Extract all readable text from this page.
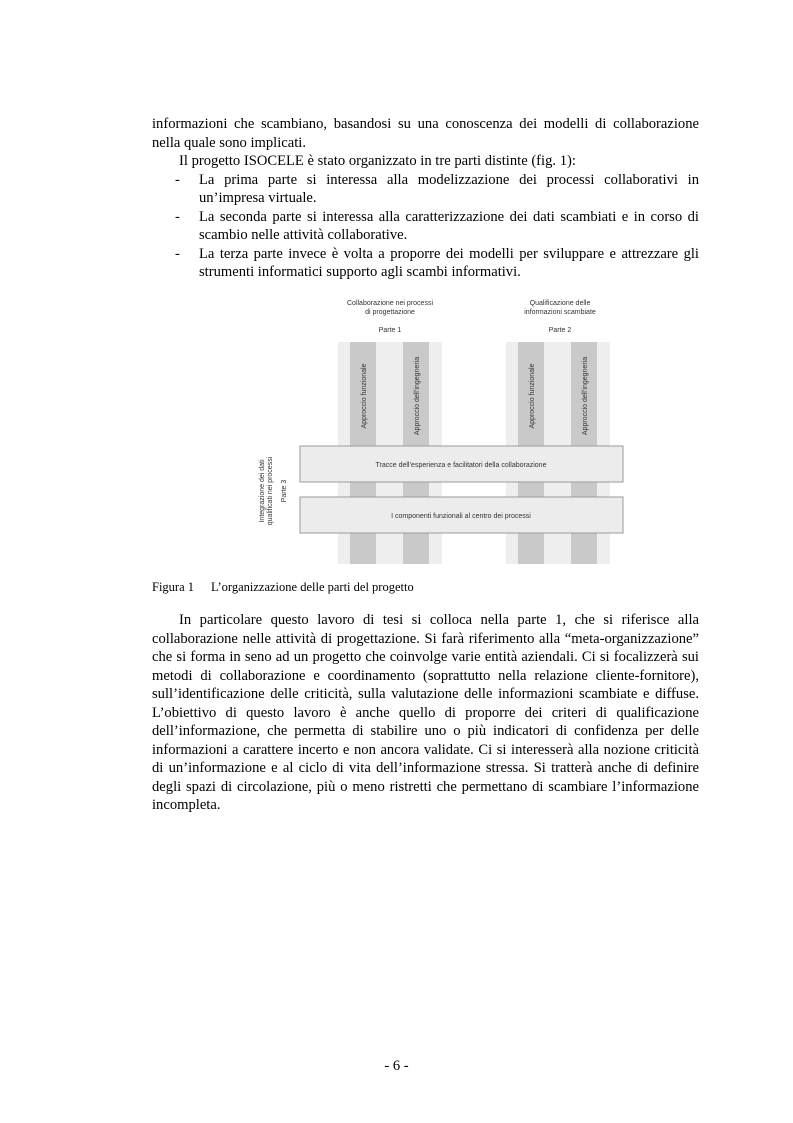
informazioni che scambiano, basandosi su una conoscenza dei modelli di collaborazione nella quale sono implicati.

Il progetto ISOCELE è stato organizzato in tre parti distinte (fig. 1):

- La prima parte si interessa alla modelizzazione dei processi collaborativi in un’impresa virtuale.
- La seconda parte si interessa alla caratterizzazione dei dati scambiati e in corso di scambio nelle attività collaborative.
- La terza parte invece è volta a proporre dei modelli per sviluppare e attrezzare gli strumenti informatici supporto agli scambi informativi.
Collaborazione nei processi
di progettazione
Parte 1
Qualificazione delle
informazioni scambiate
Parte 2
Approccio funzionale	Approccio dell’ingegneria	Approccio funzionale	Approccio dell’ingegneria
Tracce dell’esperienza e facilitatori della collaborazione
I componenti funzionali al centro dei processi
Integrazione dei dati qualificati nei processi Parte 3
Figura 1 L’organizzazione delle parti del progetto

In particolare questo lavoro di tesi si colloca nella parte 1, che si riferisce alla collaborazione nelle attività di progettazione. Si farà riferimento alla “meta-organizzazione” che si forma in seno ad un progetto che coinvolge varie entità aziendali. Ci si focalizzerà sui metodi di collaborazione e coordinamento (soprattutto nella relazione cliente-fornitore), sull’identificazione delle criticità, sulla valutazione delle informazioni scambiate e diffuse. L’obiettivo di questo lavoro è anche quello di proporre dei criteri di qualificazione dell’informazione, che permetta di stabilire uno o più indicatori di confidenza per delle informazioni a carattere incerto e non ancora validate. Ci si interesserà alla nozione criticità di un’informazione e al ciclo di vita dell’informazione stressa. Si tratterà anche di definire degli spazi di circolazione, più o meno ristretti che permettano di scambiare l’informazione incompleta.

- 6 -
